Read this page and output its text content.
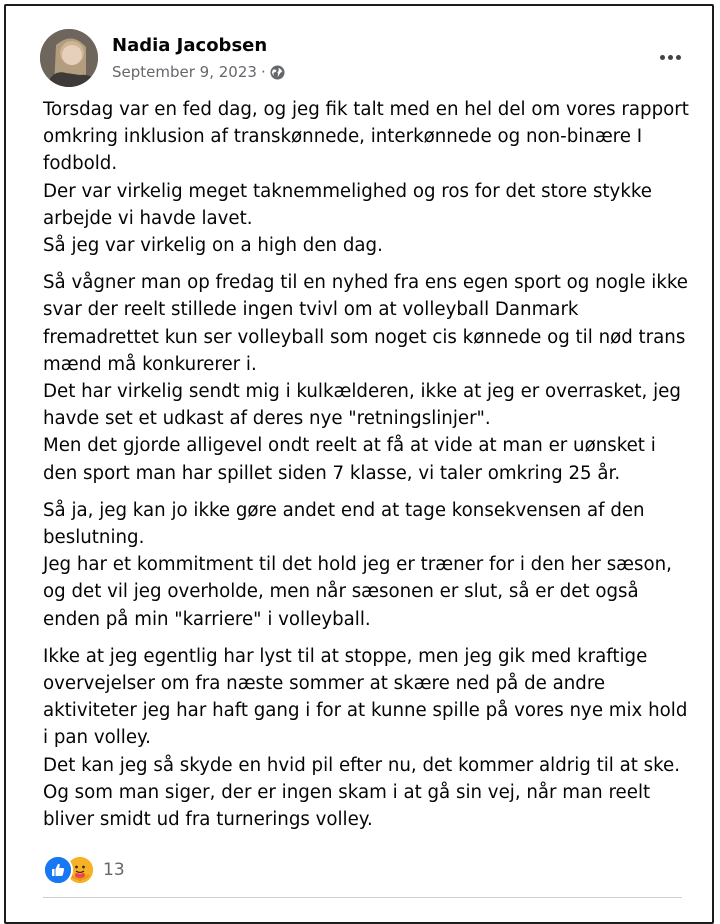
Nadia Jacobsen
September 9, 2023 ·
Torsdag var en fed dag, og jeg fik talt med en hel del om vores rapport
omkring inklusion af transkønnede, interkønnede og non-binære I
fodbold.
Der var virkelig meget taknemmelighed og ros for det store stykke
arbejde vi havde lavet.
Så jeg var virkelig on a high den dag.
Så vågner man op fredag til en nyhed fra ens egen sport og nogle ikke
svar der reelt stillede ingen tvivl om at volleyball Danmark
fremadrettet kun ser volleyball som noget cis kønnede og til nød trans
mænd må konkurerer i.
Det har virkelig sendt mig i kulkælderen, ikke at jeg er overrasket, jeg
havde set et udkast af deres nye "retningslinjer".
Men det gjorde alligevel ondt reelt at få at vide at man er uønsket i
den sport man har spillet siden 7 klasse, vi taler omkring 25 år.
Så ja, jeg kan jo ikke gøre andet end at tage konsekvensen af den
beslutning.
Jeg har et kommitment til det hold jeg er træner for i den her sæson,
og det vil jeg overholde, men når sæsonen er slut, så er det også
enden på min "karriere" i volleyball.
Ikke at jeg egentlig har lyst til at stoppe, men jeg gik med kraftige
overvejelser om fra næste sommer at skære ned på de andre
aktiviteter jeg har haft gang i for at kunne spille på vores nye mix hold
i pan volley.
Det kan jeg så skyde en hvid pil efter nu, det kommer aldrig til at ske.
Og som man siger, der er ingen skam i at gå sin vej, når man reelt
bliver smidt ud fra turnerings volley.
13
